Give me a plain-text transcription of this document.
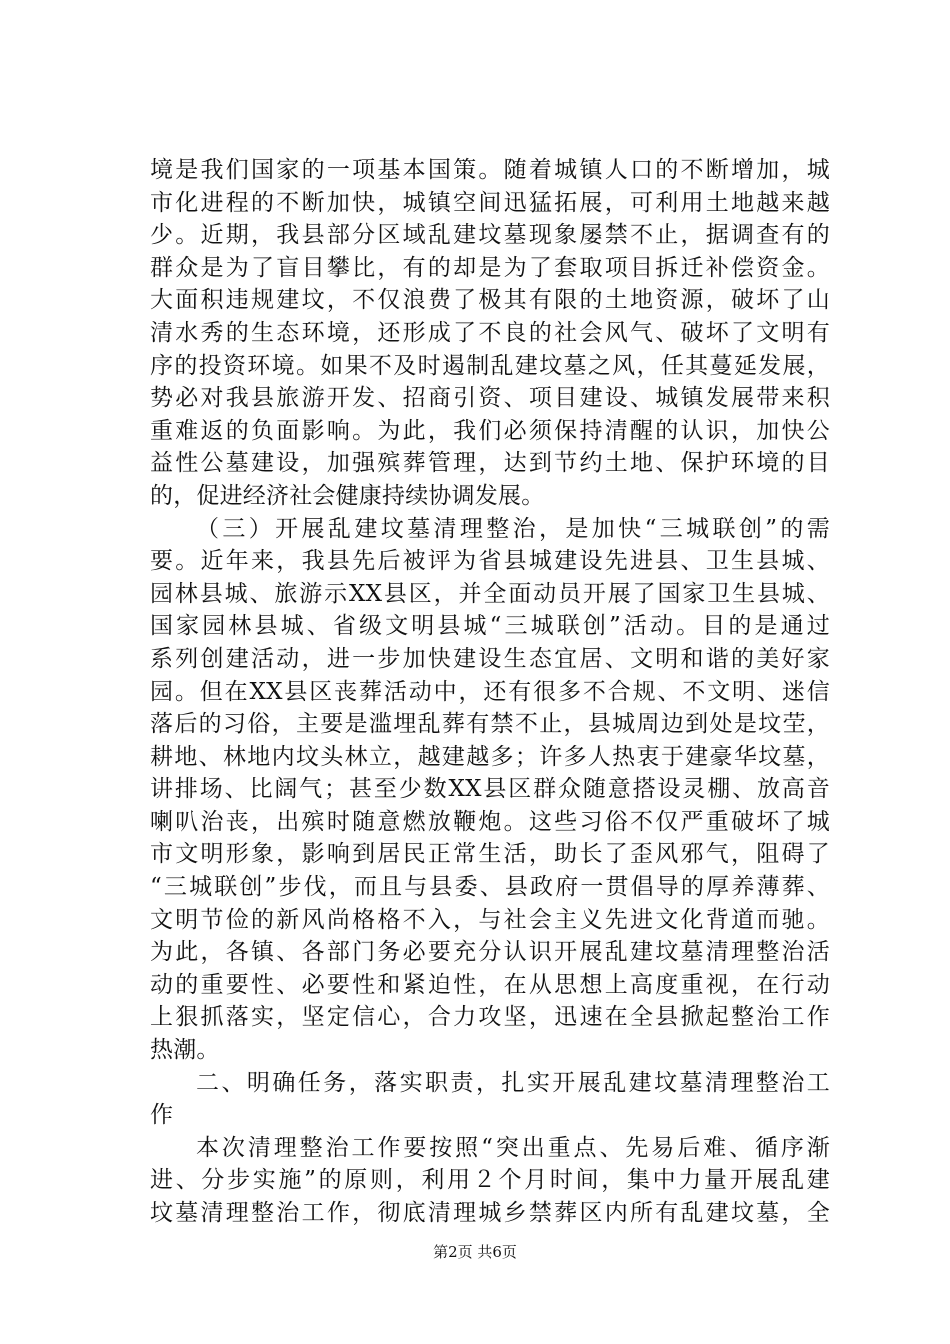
境是我们国家的一项基本国策。随着城镇人口的不断增加，城
市化进程的不断加快，城镇空间迅猛拓展，可利用土地越来越
少。近期，我县部分区域乱建坟墓现象屡禁不止，据调查有的
群众是为了盲目攀比，有的却是为了套取项目拆迁补偿资金。
大面积违规建坟，不仅浪费了极其有限的土地资源，破坏了山
清水秀的生态环境，还形成了不良的社会风气、破坏了文明有
序的投资环境。如果不及时遏制乱建坟墓之风，任其蔓延发展，
势必对我县旅游开发、招商引资、项目建设、城镇发展带来积
重难返的负面影响。为此，我们必须保持清醒的认识，加快公
益性公墓建设，加强殡葬管理，达到节约土地、保护环境的目
的，促进经济社会健康持续协调发展。
（三）开展乱建坟墓清理整治，是加快“三城联创”的需
要。近年来，我县先后被评为省县城建设先进县、卫生县城、
园林县城、旅游示XX县区，并全面动员开展了国家卫生县城、
国家园林县城、省级文明县城“三城联创”活动。目的是通过
系列创建活动，进一步加快建设生态宜居、文明和谐的美好家
园。但在XX县区丧葬活动中，还有很多不合规、不文明、迷信
落后的习俗，主要是滥埋乱葬有禁不止，县城周边到处是坟茔，
耕地、林地内坟头林立，越建越多；许多人热衷于建豪华坟墓，
讲排场、比阔气；甚至少数XX县区群众随意搭设灵棚、放高音
喇叭治丧，出殡时随意燃放鞭炮。这些习俗不仅严重破坏了城
市文明形象，影响到居民正常生活，助长了歪风邪气，阻碍了
“三城联创”步伐，而且与县委、县政府一贯倡导的厚养薄葬、
文明节俭的新风尚格格不入，与社会主义先进文化背道而驰。
为此，各镇、各部门务必要充分认识开展乱建坟墓清理整治活
动的重要性、必要性和紧迫性，在从思想上高度重视，在行动
上狠抓落实，坚定信心，合力攻坚，迅速在全县掀起整治工作
热潮。
二、明确任务，落实职责，扎实开展乱建坟墓清理整治工
作
本次清理整治工作要按照“突出重点、先易后难、循序渐
进、分步实施”的原则，利用２个月时间，集中力量开展乱建
坟墓清理整治工作，彻底清理城乡禁葬区内所有乱建坟墓，全
第2页 共6页
